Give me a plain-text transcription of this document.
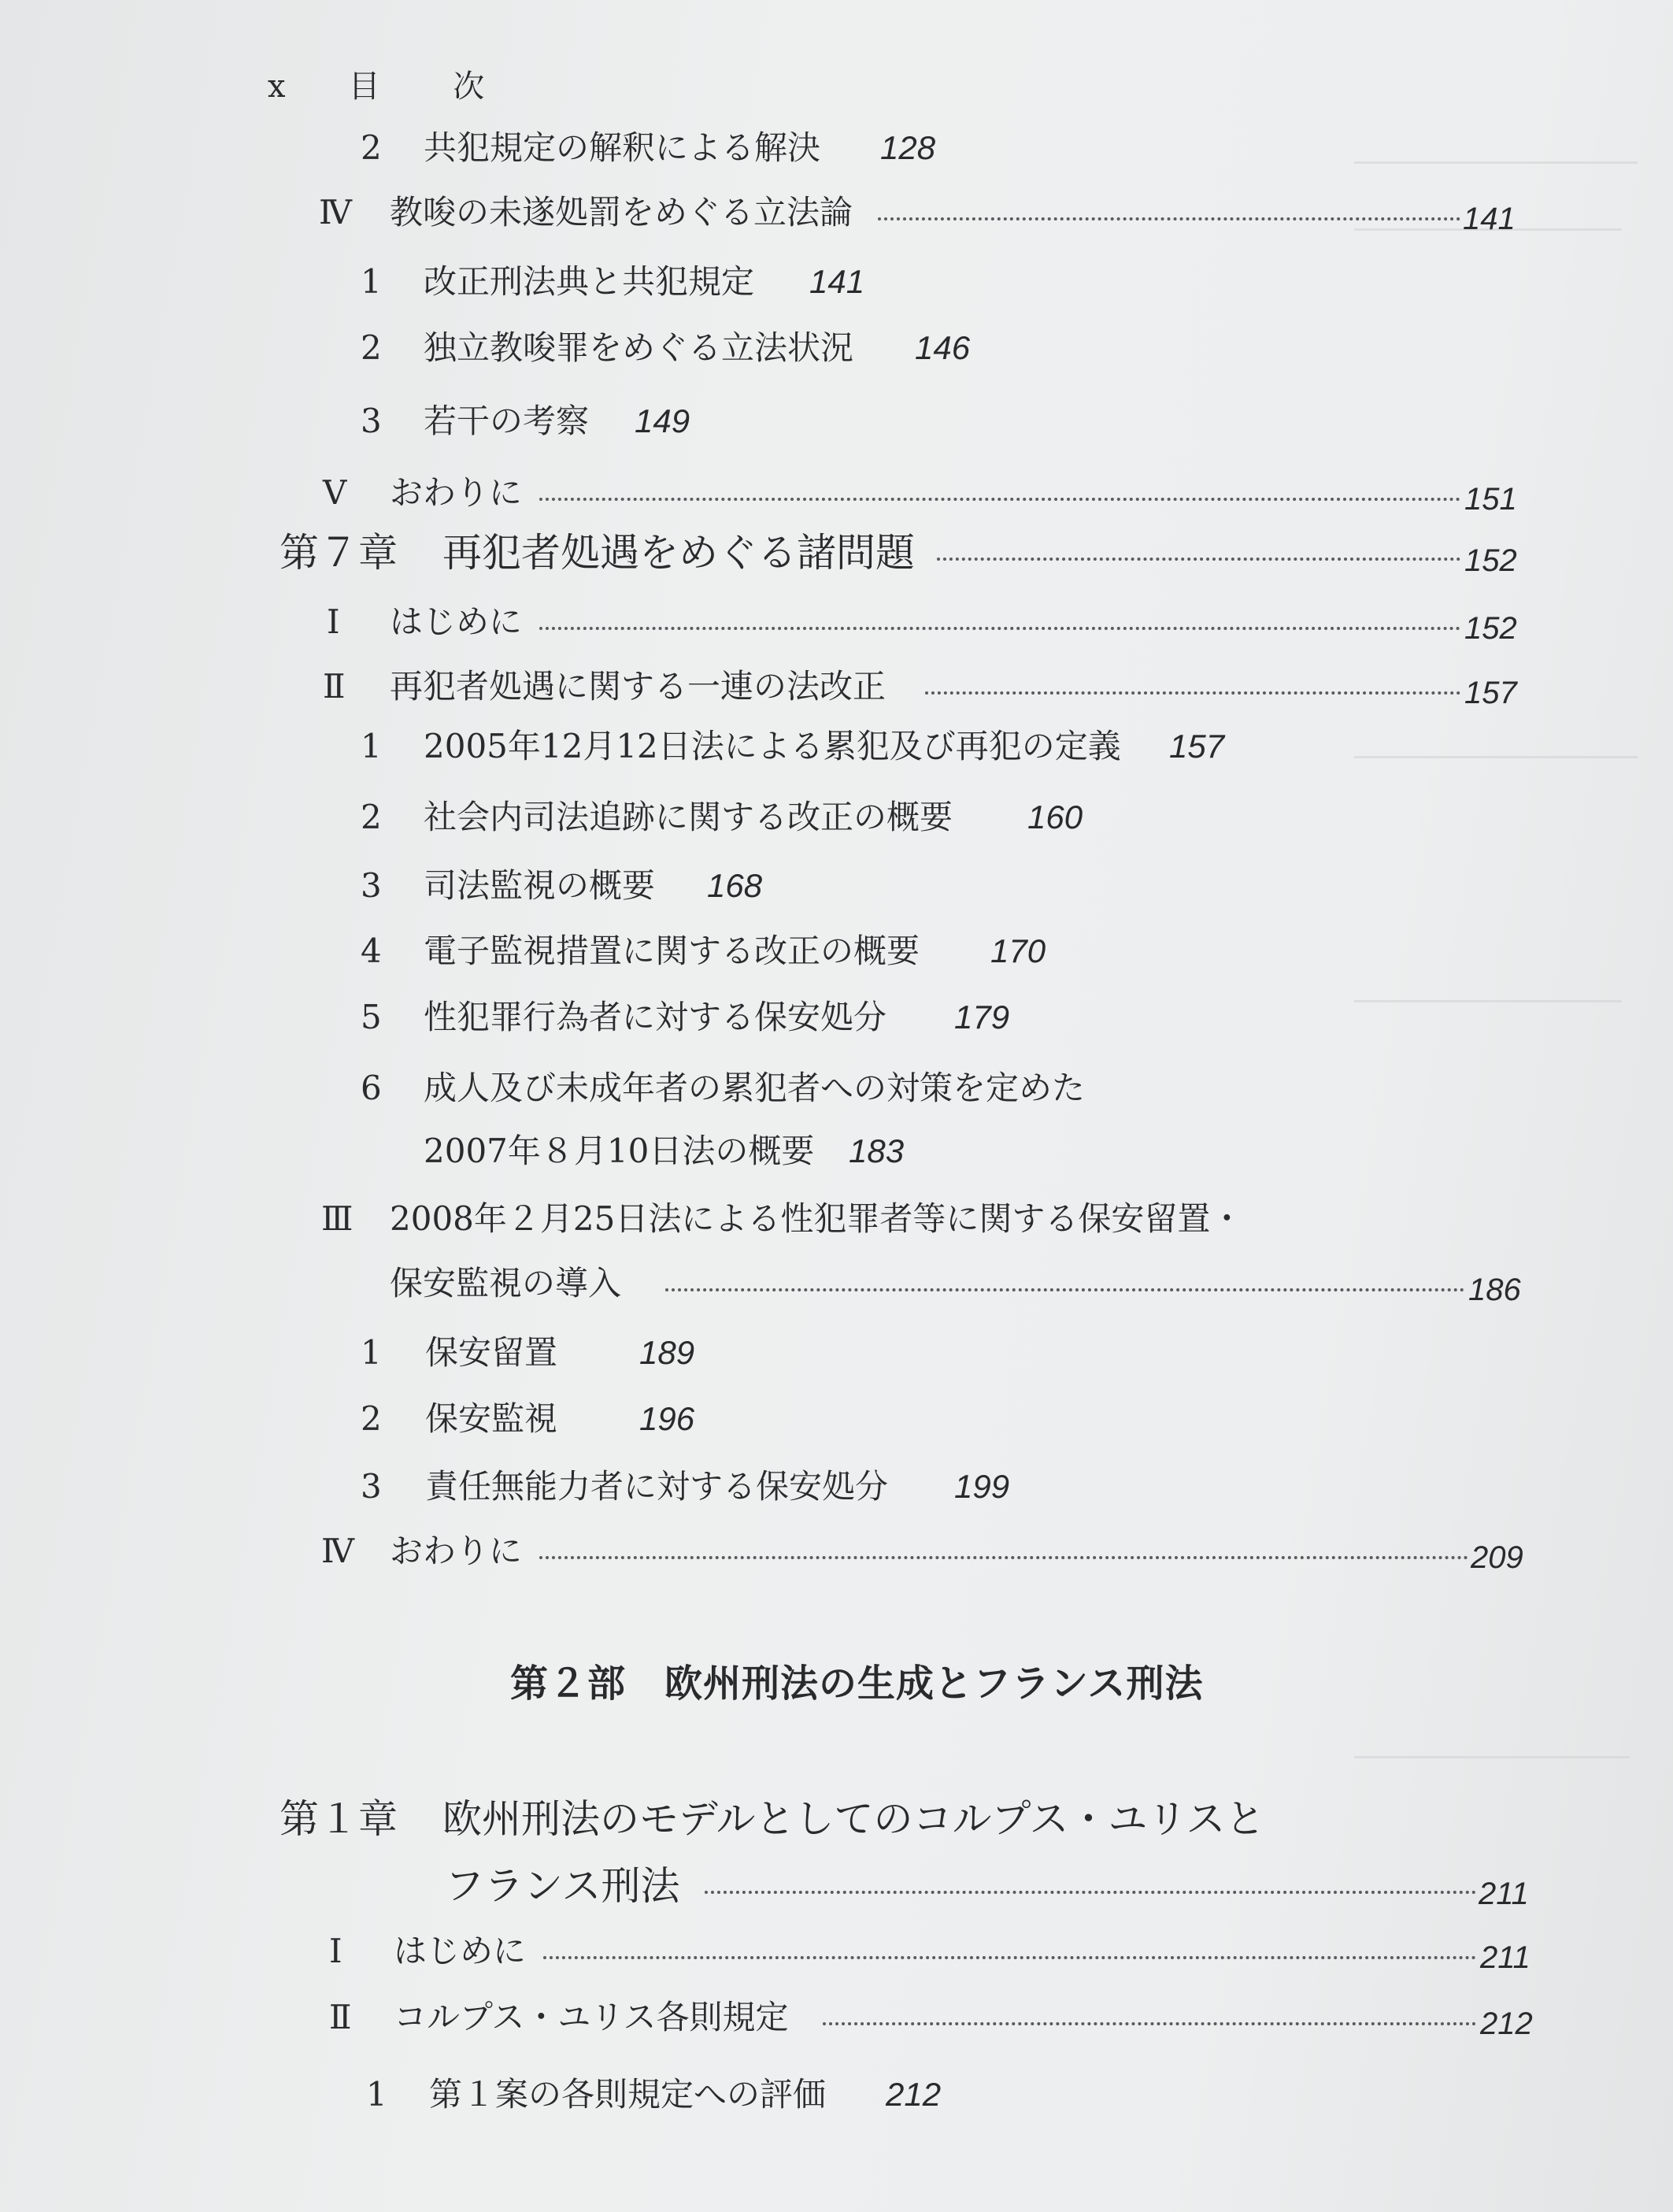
x 目 次
2 共犯規定の解釈による解決 128
Ⅳ 教唆の未遂処罰をめぐる立法論	141
1 改正刑法典と共犯規定 141
2 独立教唆罪をめぐる立法状況 146
3 若干の考察 149
Ⅴ おわりに	151
第７章 再犯者処遇をめぐる諸問題	152
Ⅰ はじめに	152
Ⅱ 再犯者処遇に関する一連の法改正	157
1 2005年12月12日法による累犯及び再犯の定義 157
2 社会内司法追跡に関する改正の概要 160
3 司法監視の概要 168
4 電子監視措置に関する改正の概要 170
5 性犯罪行為者に対する保安処分 179
6 成人及び未成年者の累犯者への対策を定めた
2007年８月10日法の概要 183
Ⅲ 2008年２月25日法による性犯罪者等に関する保安留置・
保安監視の導入	186
1 保安留置 189
2 保安監視 196
3 責任無能力者に対する保安処分 199
Ⅳ おわりに	209
第２部　欧州刑法の生成とフランス刑法
第１章 欧州刑法のモデルとしてのコルプス・ユリスと
フランス刑法	211
Ⅰ はじめに	211
Ⅱ コルプス・ユリス各則規定	212
1 第１案の各則規定への評価 212
